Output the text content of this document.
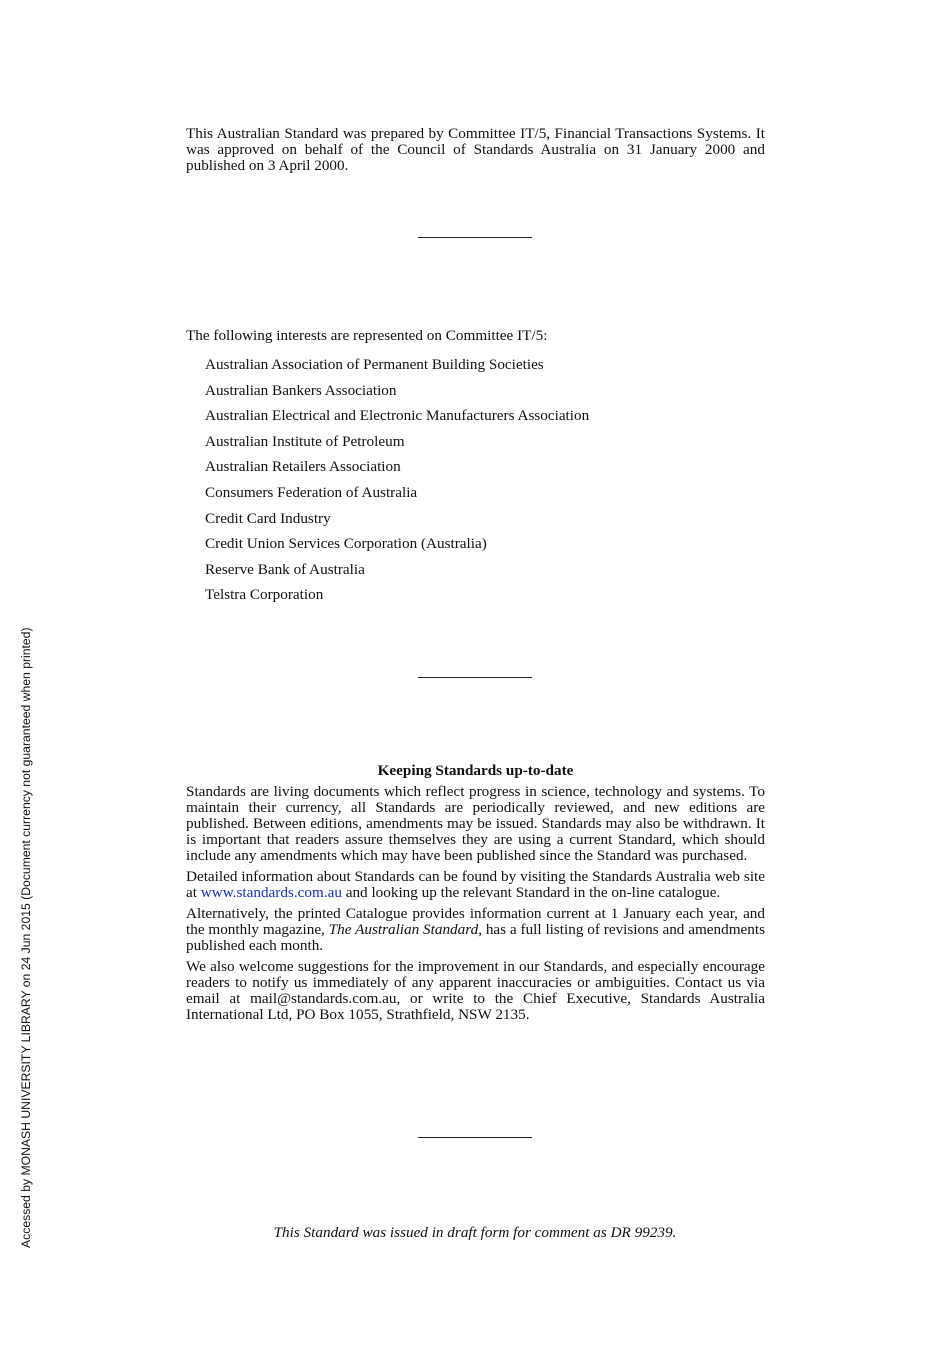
Accessed by MONASH UNIVERSITY LIBRARY on 24 Jun 2015 (Document currency not guaranteed when printed)
This Australian Standard was prepared by Committee IT/5, Financial Transactions Systems. It was approved on behalf of the Council of Standards Australia on 31 January 2000 and published on 3 April 2000.
The following interests are represented on Committee IT/5:
Australian Association of Permanent Building Societies
Australian Bankers Association
Australian Electrical and Electronic Manufacturers Association
Australian Institute of Petroleum
Australian Retailers Association
Consumers Federation of Australia
Credit Card Industry
Credit Union Services Corporation (Australia)
Reserve Bank of Australia
Telstra Corporation
Keeping Standards up-to-date

Standards are living documents which reflect progress in science, technology and systems. To maintain their currency, all Standards are periodically reviewed, and new editions are published. Between editions, amendments may be issued. Standards may also be withdrawn. It is important that readers assure themselves they are using a current Standard, which should include any amendments which may have been published since the Standard was purchased.

Detailed information about Standards can be found by visiting the Standards Australia web site at www.standards.com.au and looking up the relevant Standard in the on-line catalogue.

Alternatively, the printed Catalogue provides information current at 1 January each year, and the monthly magazine, The Australian Standard, has a full listing of revisions and amendments published each month.

We also welcome suggestions for the improvement in our Standards, and especially encourage readers to notify us immediately of any apparent inaccuracies or ambiguities. Contact us via email at mail@standards.com.au, or write to the Chief Executive, Standards Australia International Ltd, PO Box 1055, Strathfield, NSW 2135.

This Standard was issued in draft form for comment as DR 99239.
